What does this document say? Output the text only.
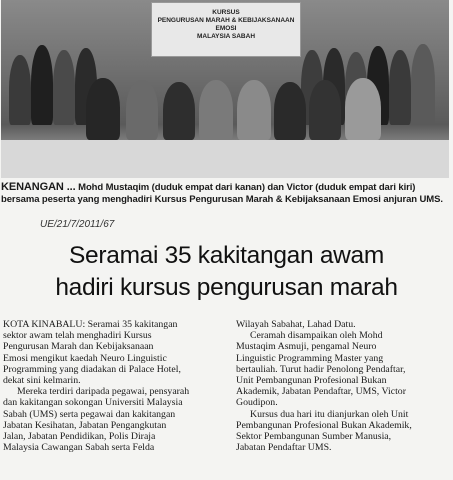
KURSUS
PENGURUSAN MARAH & KEBIJAKSANAAN
EMOSI
MALAYSIA SABAH
KENANGAN ... Mohd Mustaqim (duduk empat dari kanan) dan Victor (duduk empat dari kiri) bersama peserta yang menghadiri Kursus Pengurusan Marah & Kebijaksanaan Emosi anjuran UMS.
UE/21/7/2011/67
Seramai 35 kakitangan awam
hadiri kursus pengurusan marah
KOTA KINABALU: Seramai 35 kakitangan
sektor awam telah menghadiri Kursus
Pengurusan Marah dan Kebijaksanaan
Emosi mengikut kaedah Neuro Linguistic
Programming yang diadakan di Palace Hotel,
dekat sini kelmarin.
Mereka terdiri daripada pegawai, pensyarah
dan kakitangan sokongan Universiti Malaysia
Sabah (UMS) serta pegawai dan kakitangan
Jabatan Kesihatan, Jabatan Pengangkutan
Jalan, Jabatan Pendidikan, Polis Diraja
Malaysia Cawangan Sabah serta Felda
Wilayah Sabahat, Lahad Datu.
Ceramah disampaikan oleh Mohd
Mustaqim Asmuji, pengamal Neuro
Linguistic Programming Master yang
bertauliah. Turut hadir Penolong Pendaftar,
Unit Pembangunan Profesional Bukan
Akademik, Jabatan Pendaftar, UMS, Victor
Goudipon.
Kursus dua hari itu dianjurkan oleh Unit
Pembangunan Profesional Bukan Akademik,
Sektor Pembangunan Sumber Manusia,
Jabatan Pendaftar UMS.
